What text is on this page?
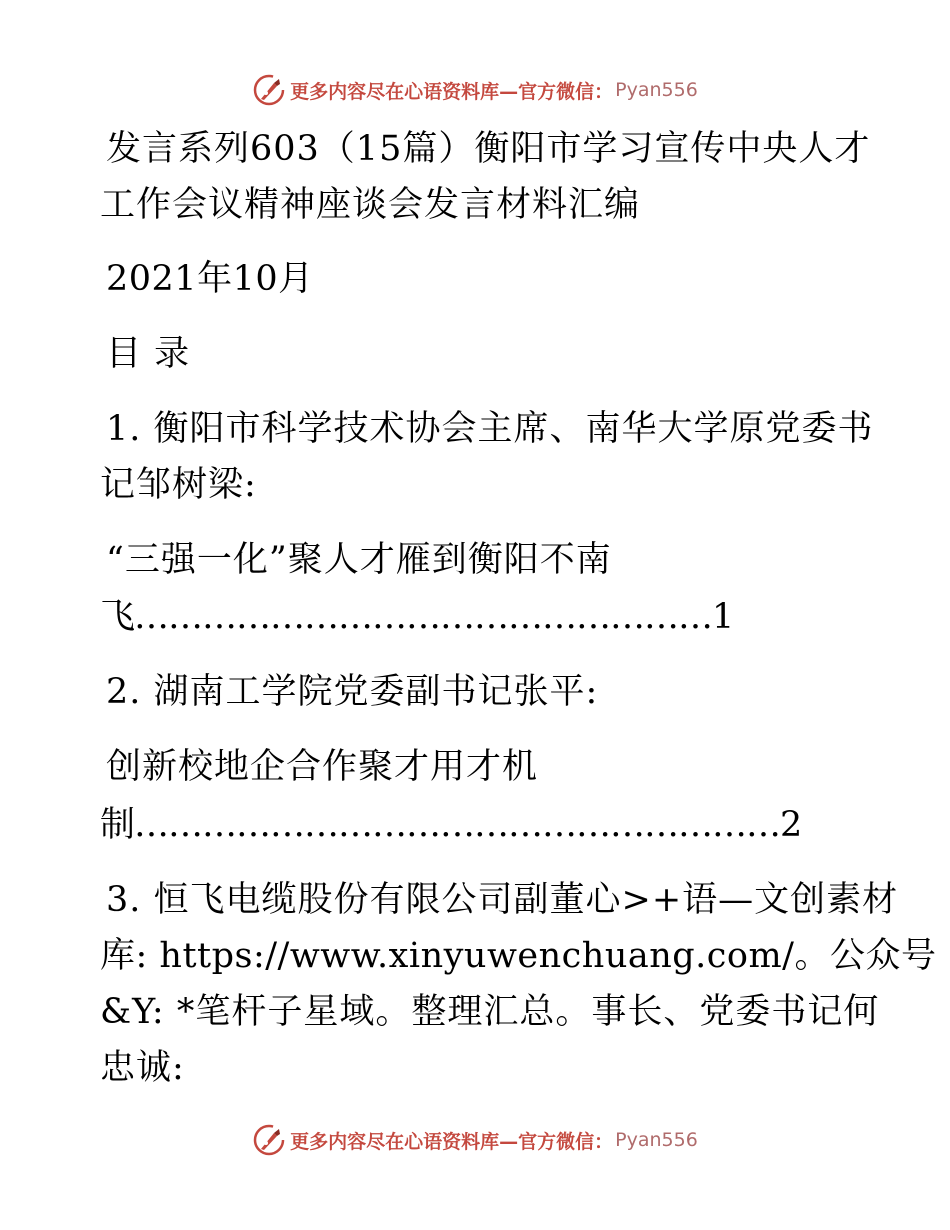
更多内容尽在心语资料库—官方微信： Pyan556
发言系列603（15篇）衡阳市学习宣传中央人才
工作会议精神座谈会发言材料汇编
2021年10月
目 录
1. 衡阳市科学技术协会主席、南华大学原党委书
记邹树梁:
“三强一化”聚人才雁到衡阳不南
飞……………………………………………1
2. 湖南工学院党委副书记张平:
创新校地企合作聚才用才机
制…………………………………………………2
3. 恒飞电缆股份有限公司副董心>+语—文创素材
库: https://www.xinyuwenchuang.com/。公众号
&Y: *笔杆子星域。整理汇总。事长、党委书记何
忠诚:
更多内容尽在心语资料库—官方微信： Pyan556
